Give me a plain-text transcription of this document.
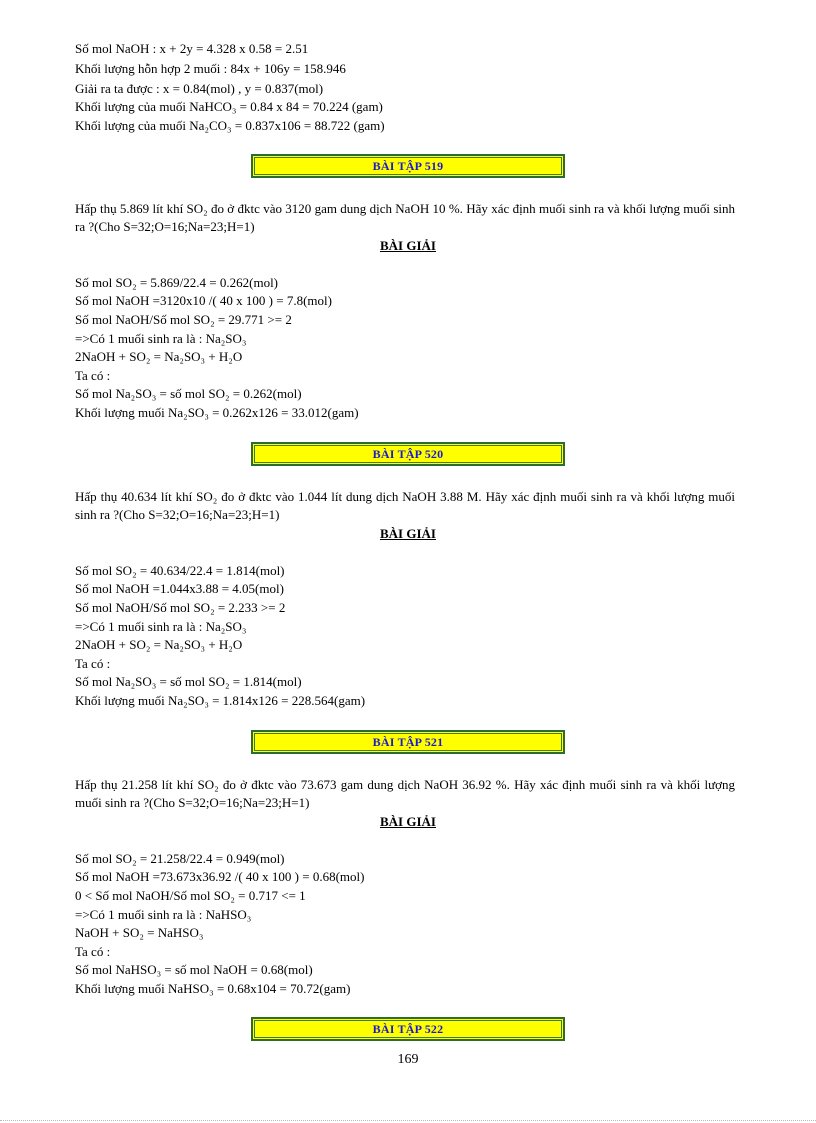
Số mol NaOH : x + 2y = 4.328 x 0.58 = 2.51
Khối lượng hỗn hợp 2 muối : 84x + 106y = 158.946
Giải ra ta được : x = 0.84(mol) , y = 0.837(mol)
Khối lượng của muối NaHCO₃ = 0.84 x 84 = 70.224 (gam)
Khối lượng của muối Na₂CO₃ = 0.837x106 = 88.722 (gam)
BÀI TẬP 519
Hấp thụ 5.869 lít khí SO₂ đo ở đktc vào 3120 gam dung dịch NaOH 10 %. Hãy xác định muối sinh ra và khối lượng muối sinh ra ?(Cho S=32;O=16;Na=23;H=1)
BÀI GIẢI
Số mol SO₂ = 5.869/22.4 = 0.262(mol)
Số mol NaOH =3120x10 /( 40 x 100 ) = 7.8(mol)
Số mol NaOH/Số mol SO₂ = 29.771 >= 2
=>Có 1 muối sinh ra là : Na₂SO₃
2NaOH + SO₂ = Na₂SO₃ + H₂O
Ta có :
Số mol Na₂SO₃ = số mol SO₂ = 0.262(mol)
Khối lượng muối Na₂SO₃ = 0.262x126 = 33.012(gam)
BÀI TẬP 520
Hấp thụ 40.634 lít khí SO₂ đo ở đktc vào 1.044 lít dung dịch NaOH 3.88 M. Hãy xác định muối sinh ra và khối lượng muối sinh ra ?(Cho S=32;O=16;Na=23;H=1)
BÀI GIẢI
Số mol SO₂ = 40.634/22.4 = 1.814(mol)
Số mol NaOH =1.044x3.88 = 4.05(mol)
Số mol NaOH/Số mol SO₂ = 2.233 >= 2
=>Có 1 muối sinh ra là : Na₂SO₃
2NaOH + SO₂ = Na₂SO₃ + H₂O
Ta có :
Số mol Na₂SO₃ = số mol SO₂ = 1.814(mol)
Khối lượng muối Na₂SO₃ = 1.814x126 = 228.564(gam)
BÀI TẬP 521
Hấp thụ 21.258 lít khí SO₂ đo ở đktc vào 73.673 gam dung dịch NaOH 36.92 %. Hãy xác định muối sinh ra và khối lượng muối sinh ra ?(Cho S=32;O=16;Na=23;H=1)
BÀI GIẢI
Số mol SO₂ = 21.258/22.4 = 0.949(mol)
Số mol NaOH =73.673x36.92 /( 40 x 100 ) = 0.68(mol)
0 < Số mol NaOH/Số mol SO₂ = 0.717 <= 1
=>Có 1 muối sinh ra là : NaHSO₃
NaOH + SO₂ = NaHSO₃
Ta có :
Số mol NaHSO₃ = số mol NaOH = 0.68(mol)
Khối lượng muối NaHSO₃ = 0.68x104 = 70.72(gam)
BÀI TẬP 522
169
